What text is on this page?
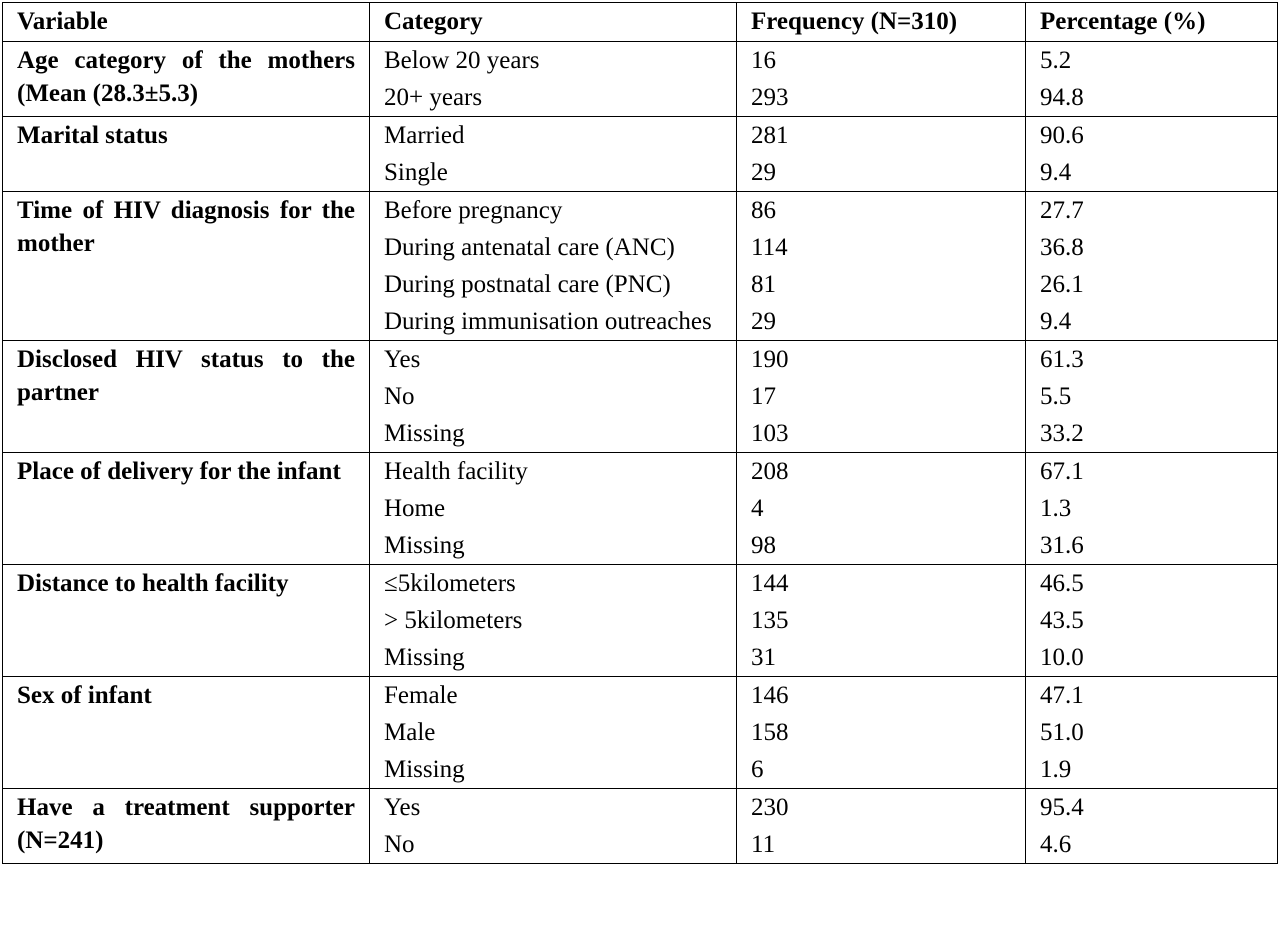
Variable	Category	Frequency (N=310)	Percentage (%)
Age category of the mothers (Mean (28.3±5.3)	Below 20 years	16	5.2
	20+ years	293	94.8
Marital status	Married	281	90.6
	Single	29	9.4
Time of HIV diagnosis for the mother	Before pregnancy	86	27.7
	During antenatal care (ANC)	114	36.8
	During postnatal care (PNC)	81	26.1
	During immunisation outreaches	29	9.4
Disclosed HIV status to the partner	Yes	190	61.3
	No	17	5.5
	Missing	103	33.2
Place of delivery for the infant	Health facility	208	67.1
	Home	4	1.3
	Missing	98	31.6
Distance to health facility	≤5kilometers	144	46.5
	> 5kilometers	135	43.5
	Missing	31	10.0
Sex of infant	Female	146	47.1
	Male	158	51.0
	Missing	6	1.9
Have a treatment supporter (N=241)	Yes	230	95.4
	No	11	4.6
